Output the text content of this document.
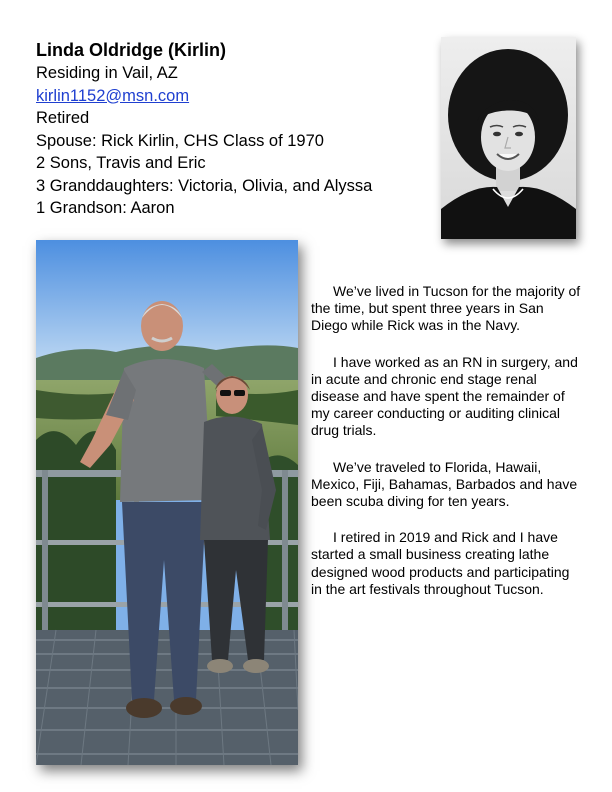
Linda Oldridge (Kirlin)

Residing in Vail, AZ

kirlin1152@msn.com

Retired

Spouse: Rick Kirlin, CHS Class of 1970

2 Sons, Travis and Eric

3 Granddaughters: Victoria, Olivia, and Alyssa

1 Grandson: Aaron

We’ve lived in Tucson for the majority of the time, but spent three years in San Diego while Rick was in the Navy.

I have worked as an RN in surgery, and in acute and chronic end stage renal disease and have spent the remainder of my career conducting or auditing clinical drug trials.

We’ve traveled to Florida, Hawaii, Mexico, Fiji, Bahamas, Barbados and have been scuba diving for ten years.

I retired in 2019 and Rick and I have started a small business creating lathe designed wood products and participating in the art festivals throughout Tucson.
